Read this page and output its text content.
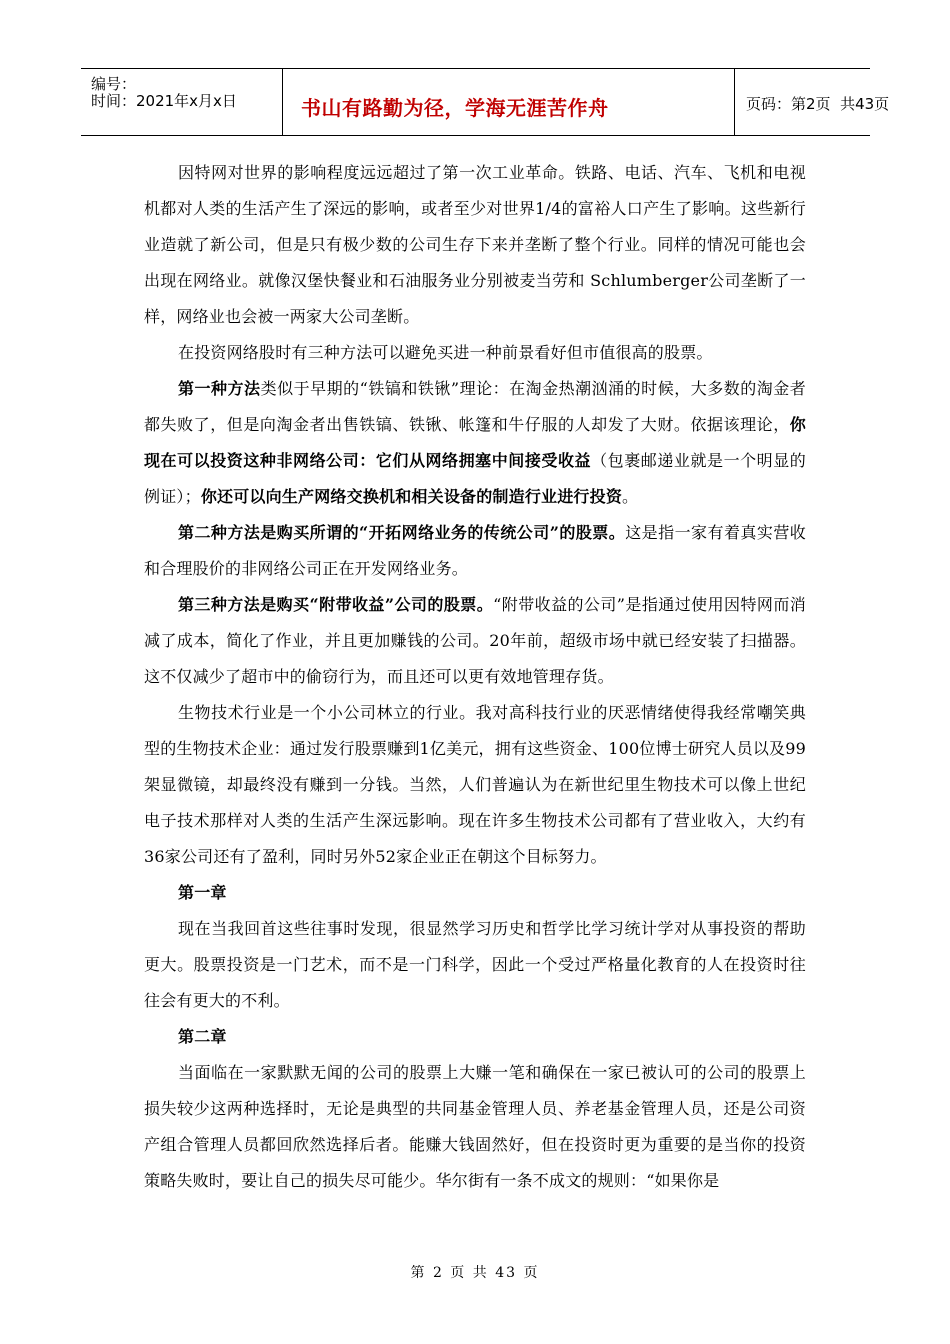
编号：
时间：2021年x月x日	书山有路勤为径，学海无涯苦作舟	页码：第2页  共43页

因特网对世界的影响程度远远超过了第一次工业革命。铁路、电话、汽车、飞机和电视机都对人类的生活产生了深远的影响，或者至少对世界1/4的富裕人口产生了影响。这些新行业造就了新公司，但是只有极少数的公司生存下来并垄断了整个行业。同样的情况可能也会出现在网络业。就像汉堡快餐业和石油服务业分别被麦当劳和 Schlumberger公司垄断了一样，网络业也会被一两家大公司垄断。

在投资网络股时有三种方法可以避免买进一种前景看好但市值很高的股票。

第一种方法类似于早期的“铁镐和铁锹”理论：在淘金热潮汹涌的时候，大多数的淘金者都失败了，但是向淘金者出售铁镐、铁锹、帐篷和牛仔服的人却发了大财。依据该理论，你现在可以投资这种非网络公司：它们从网络拥塞中间接受收益（包裹邮递业就是一个明显的例证）；你还可以向生产网络交换机和相关设备的制造行业进行投资。

第二种方法是购买所谓的“开拓网络业务的传统公司”的股票。这是指一家有着真实营收和合理股价的非网络公司正在开发网络业务。

第三种方法是购买“附带收益”公司的股票。“附带收益的公司”是指通过使用因特网而消减了成本，简化了作业，并且更加赚钱的公司。20年前，超级市场中就已经安装了扫描器。这不仅减少了超市中的偷窃行为，而且还可以更有效地管理存货。

生物技术行业是一个小公司林立的行业。我对高科技行业的厌恶情绪使得我经常嘲笑典型的生物技术企业：通过发行股票赚到1亿美元，拥有这些资金、100位博士研究人员以及99架显微镜，却最终没有赚到一分钱。当然，人们普遍认为在新世纪里生物技术可以像上世纪电子技术那样对人类的生活产生深远影响。现在许多生物技术公司都有了营业收入，大约有36家公司还有了盈利，同时另外52家企业正在朝这个目标努力。

第一章

现在当我回首这些往事时发现，很显然学习历史和哲学比学习统计学对从事投资的帮助更大。股票投资是一门艺术，而不是一门科学，因此一个受过严格量化教育的人在投资时往往会有更大的不利。

第二章

当面临在一家默默无闻的公司的股票上大赚一笔和确保在一家已被认可的公司的股票上损失较少这两种选择时，无论是典型的共同基金管理人员、养老基金管理人员，还是公司资产组合管理人员都回欣然选择后者。能赚大钱固然好，但在投资时更为重要的是当你的投资策略失败时，要让自己的损失尽可能少。华尔街有一条不成文的规则：“如果你是

第 2 页 共 43 页
